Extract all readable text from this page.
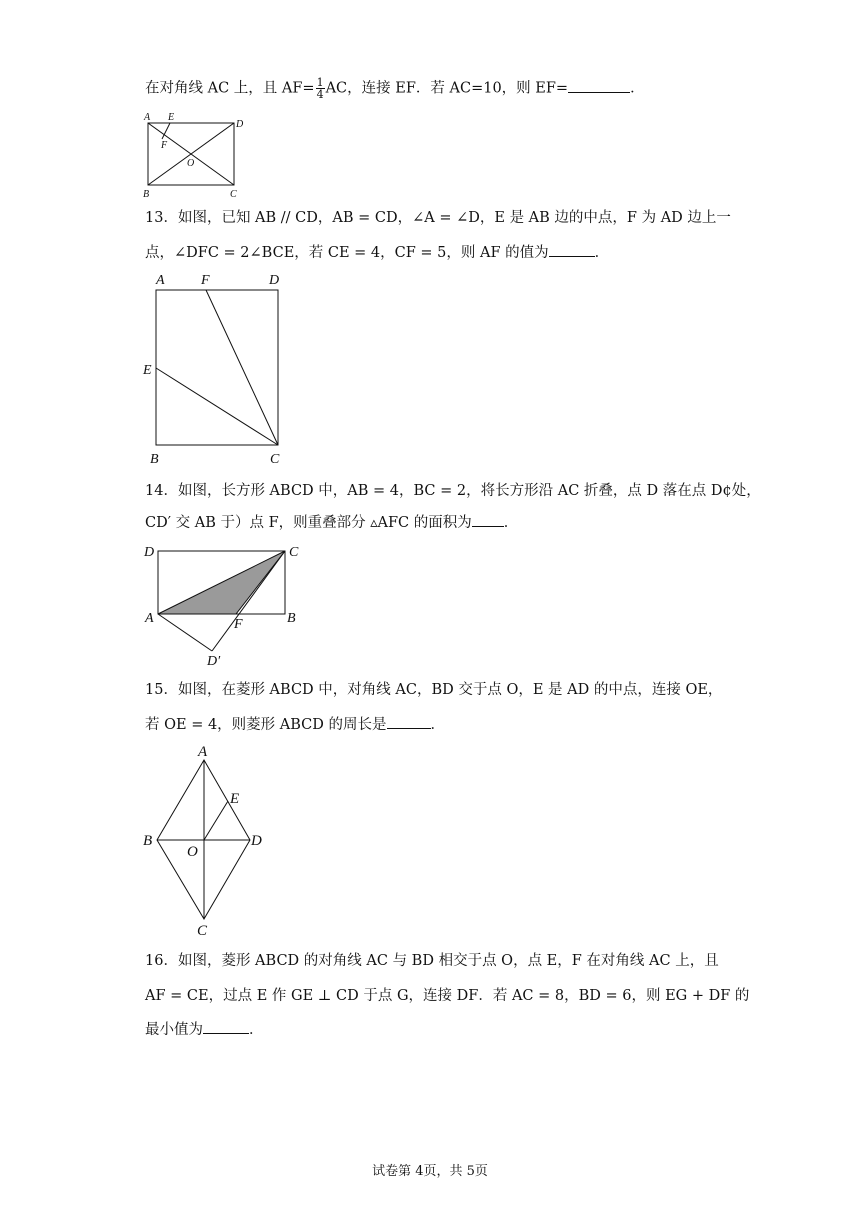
在对角线 AC 上，且 $AF= \frac{1}{4}$ AC，连接 EF．若 AC=10，则 EF=	．
A E
D
F
O
B	C
13．如图，已知 AB // CD，AB = CD，∠A = ∠D，E 是 AB 边的中点，F 为 AD 边上一
点，∠DFC = 2∠BCE，若 CE = 4，CF = 5，则 AF 的值为	．
A	F	D
E
B	C
14．如图，长方形 ABCD 中，AB = 4，BC = 2，将长方形沿 AC 折叠，点 D 落在点 D¢处，
CD′ 交 AB 于）点 F，则重叠部分 ▵AFC 的面积为 ．
D	C
A	F	B
D′
15．如图，在菱形 ABCD 中，对角线 AC，BD 交于点 O，E 是 AD 的中点，连接 OE，
若 OE = 4，则菱形 ABCD 的周长是	．
A
E
B
O
D
C
16．如图，菱形 ABCD 的对角线 AC 与 BD 相交于点 O，点 E，F 在对角线 AC 上，且
AF = CE，过点 E 作 GE ⊥ CD 于点 G，连接 DF．若 AC = 8，BD = 6，则 EG + DF 的
最小值为	．
试卷第 4页，共 5页
